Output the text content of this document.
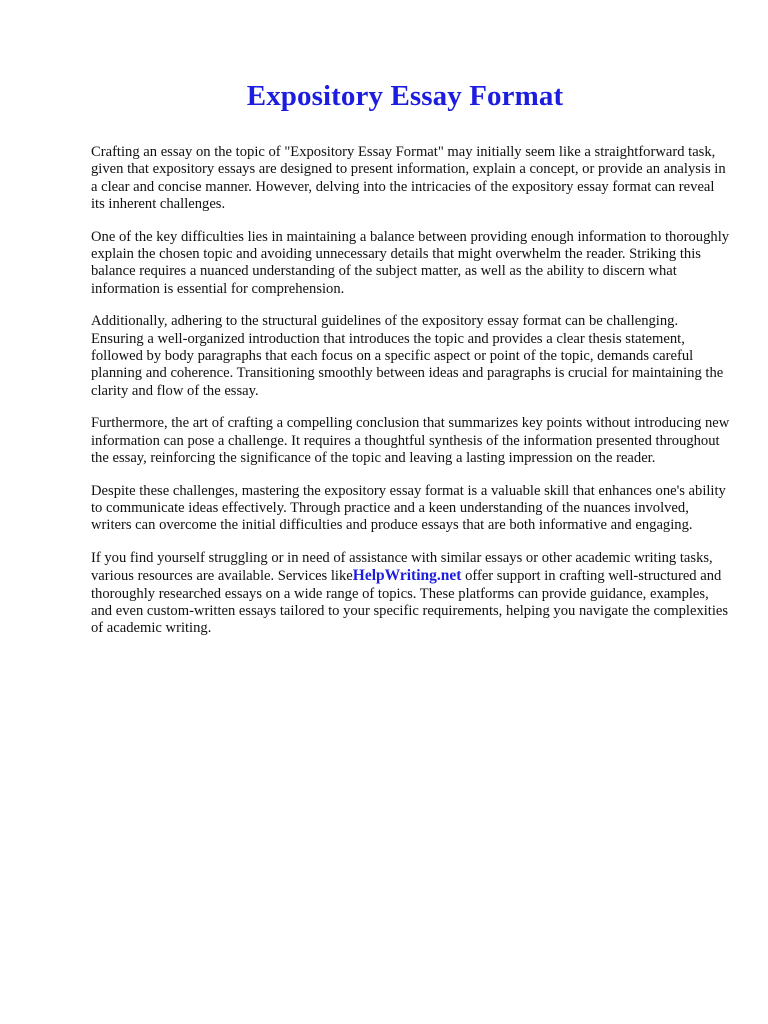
Expository Essay Format

Crafting an essay on the topic of "Expository Essay Format" may initially seem like a straightforward task, given that expository essays are designed to present information, explain a concept, or provide an analysis in a clear and concise manner. However, delving into the intricacies of the expository essay format can reveal its inherent challenges.

One of the key difficulties lies in maintaining a balance between providing enough information to thoroughly explain the chosen topic and avoiding unnecessary details that might overwhelm the reader. Striking this balance requires a nuanced understanding of the subject matter, as well as the ability to discern what information is essential for comprehension.

Additionally, adhering to the structural guidelines of the expository essay format can be challenging. Ensuring a well-organized introduction that introduces the topic and provides a clear thesis statement, followed by body paragraphs that each focus on a specific aspect or point of the topic, demands careful planning and coherence. Transitioning smoothly between ideas and paragraphs is crucial for maintaining the clarity and flow of the essay.

Furthermore, the art of crafting a compelling conclusion that summarizes key points without introducing new information can pose a challenge. It requires a thoughtful synthesis of the information presented throughout the essay, reinforcing the significance of the topic and leaving a lasting impression on the reader.

Despite these challenges, mastering the expository essay format is a valuable skill that enhances one's ability to communicate ideas effectively. Through practice and a keen understanding of the nuances involved, writers can overcome the initial difficulties and produce essays that are both informative and engaging.

If you find yourself struggling or in need of assistance with similar essays or other academic writing tasks, various resources are available. Services likeHelpWriting.net offer support in crafting well-structured and thoroughly researched essays on a wide range of topics. These platforms can provide guidance, examples, and even custom-written essays tailored to your specific requirements, helping you navigate the complexities of academic writing.
